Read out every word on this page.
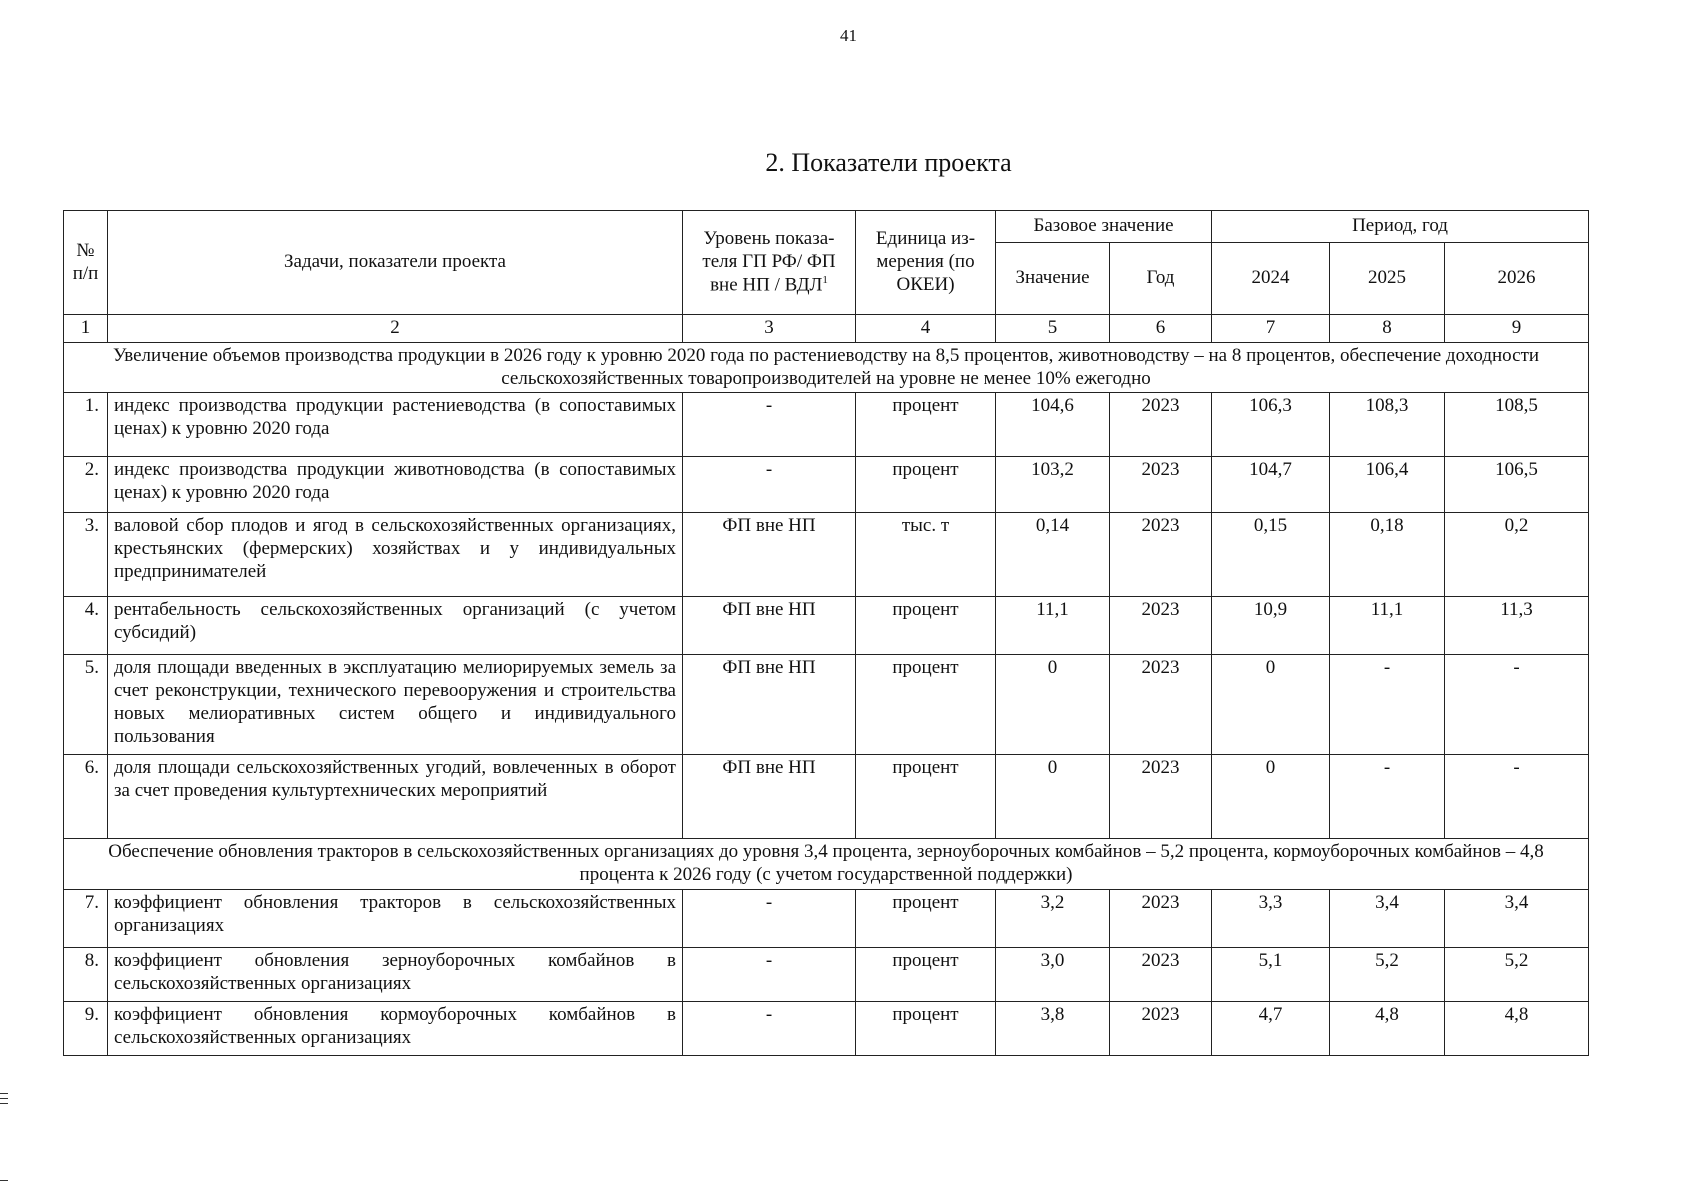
41
2. Показатели проекта
№ п/п	Задачи, показатели проекта	Уровень показа-теля ГП РФ/ ФП вне НП / ВДЛ$^1$	Единица из-мерения (по ОКЕИ)	Базовое значение		Период, год		
				Значение	Год	2024	2025	2026
1	2	3	4	5	6	7	8	9
Увеличение объемов производства продукции в 2026 году к уровню 2020 года по растениеводству на 8,5 процентов, животноводству – на 8 процентов, обеспечение доходности сельскохозяйственных товаропроизводителей на уровне не менее 10% ежегодно								
1.	индекс производства продукции растениеводства (в сопоставимых ценах) к уровню 2020 года	-	процент	104,6	2023	106,3	108,3	108,5
2.	индекс производства продукции животноводства (в сопоставимых ценах) к уровню 2020 года	-	процент	103,2	2023	104,7	106,4	106,5
3.	валовой сбор плодов и ягод в сельскохозяйственных организациях, крестьянских (фермерских) хозяйствах и у индивидуальных предпринимателей	ФП вне НП	тыс. т	0,14	2023	0,15	0,18	0,2
4.	рентабельность сельскохозяйственных организаций (с учетом субсидий)	ФП вне НП	процент	11,1	2023	10,9	11,1	11,3
5.	доля площади введенных в эксплуатацию мелиорируемых земель за счет реконструкции, технического перевооружения и строительства новых мелиоративных систем общего и индивидуального пользования	ФП вне НП	процент	0	2023	0	-	-
6.	доля площади сельскохозяйственных угодий, вовлеченных в оборот за счет проведения культуртехнических мероприятий	ФП вне НП	процент	0	2023	0	-	-
Обеспечение обновления тракторов в сельскохозяйственных организациях до уровня 3,4 процента, зерноуборочных комбайнов – 5,2 процента, кормоуборочных комбайнов – 4,8 процента к 2026 году (с учетом государственной поддержки)								
7.	коэффициент обновления тракторов в сельскохозяйственных организациях	-	процент	3,2	2023	3,3	3,4	3,4
8.	коэффициент обновления зерноуборочных комбайнов в сельскохозяйственных организациях	-	процент	3,0	2023	5,1	5,2	5,2
9.	коэффициент обновления кормоуборочных комбайнов в сельскохозяйственных организациях	-	процент	3,8	2023	4,7	4,8	4,8
